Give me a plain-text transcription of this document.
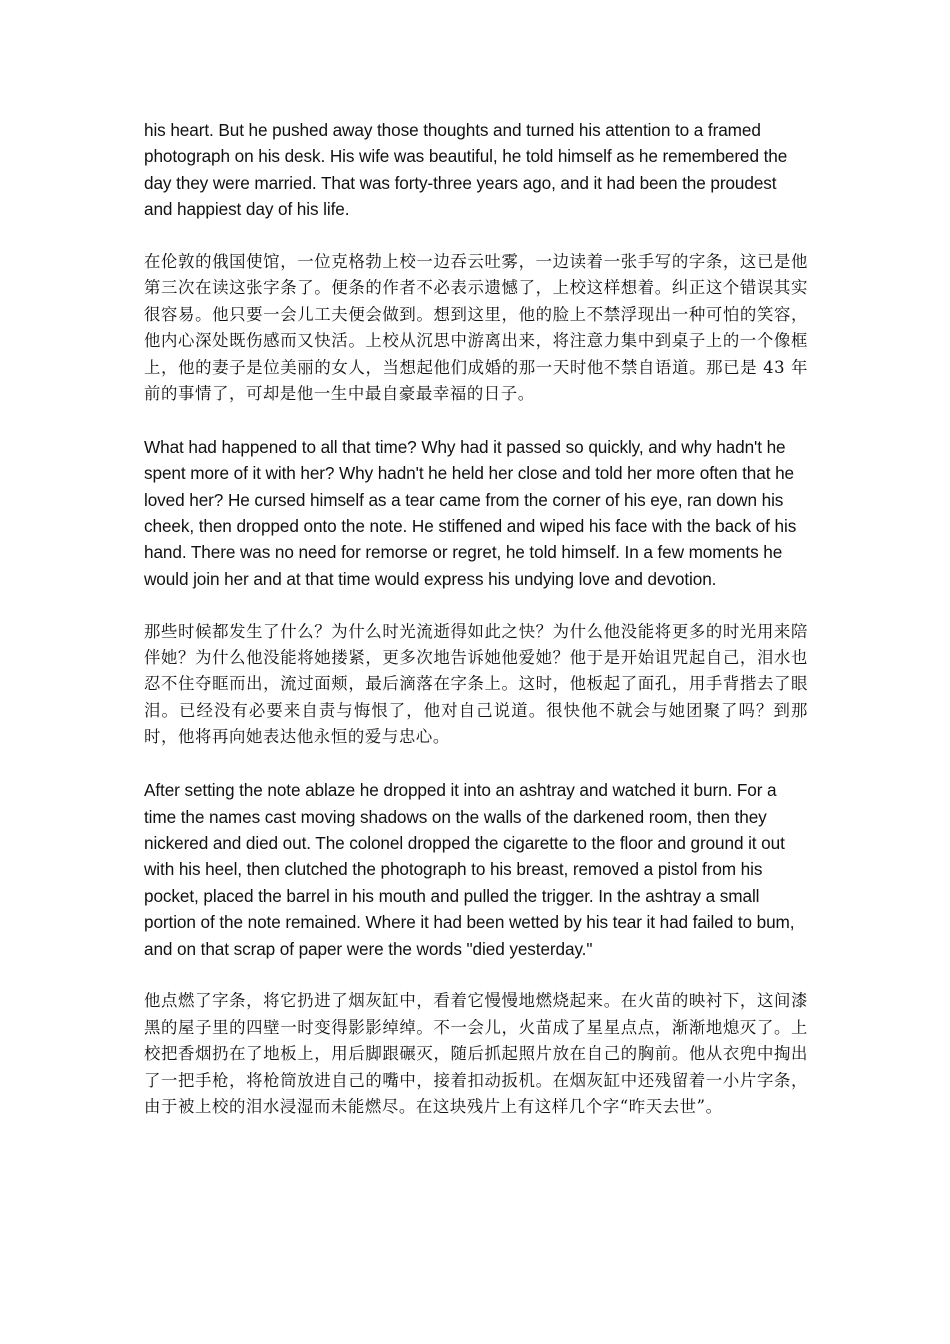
his heart. But he pushed away those thoughts and turned his attention to a framed photograph on his desk. His wife was beautiful, he told himself as he remembered the day they were married. That was forty-three years ago, and it had been the proudest and happiest day of his life.

在伦敦的俄国使馆，一位克格勃上校一边吞云吐雾，一边读着一张手写的字条，这已是他第三次在读这张字条了。便条的作者不必表示遗憾了，上校这样想着。纠正这个错误其实很容易。他只要一会儿工夫便会做到。想到这里，他的脸上不禁浮现出一种可怕的笑容，他内心深处既伤感而又快活。上校从沉思中游离出来，将注意力集中到桌子上的一个像框上，他的妻子是位美丽的女人，当想起他们成婚的那一天时他不禁自语道。那已是 43 年前的事情了，可却是他一生中最自豪最幸福的日子。

What had happened to all that time? Why had it passed so quickly, and why hadn't he spent more of it with her? Why hadn't he held her close and told her more often that he loved her? He cursed himself as a tear came from the corner of his eye, ran down his cheek, then dropped onto the note. He stiffened and wiped his face with the back of his hand. There was no need for remorse or regret, he told himself. In a few moments he would join her and at that time would express his undying love and devotion.

那些时候都发生了什么？为什么时光流逝得如此之快？为什么他没能将更多的时光用来陪伴她？为什么他没能将她搂紧，更多次地告诉她他爱她？他于是开始诅咒起自己，泪水也忍不住夺眶而出，流过面颊，最后滴落在字条上。这时，他板起了面孔，用手背揩去了眼泪。已经没有必要来自责与悔恨了，他对自己说道。很快他不就会与她团聚了吗？到那时，他将再向她表达他永恒的爱与忠心。

After setting the note ablaze he dropped it into an ashtray and watched it burn. For a time the names cast moving shadows on the walls of the darkened room, then they nickered and died out. The colonel dropped the cigarette to the floor and ground it out with his heel, then clutched the photograph to his breast, removed a pistol from his pocket, placed the barrel in his mouth and pulled the trigger. In the ashtray a small portion of the note remained. Where it had been wetted by his tear it had failed to bum, and on that scrap of paper were the words "died yesterday."

他点燃了字条，将它扔进了烟灰缸中，看着它慢慢地燃烧起来。在火苗的映衬下，这间漆黑的屋子里的四壁一时变得影影绰绰。不一会儿，火苗成了星星点点，渐渐地熄灭了。上校把香烟扔在了地板上，用后脚跟碾灭，随后抓起照片放在自己的胸前。他从衣兜中掏出了一把手枪，将枪筒放进自己的嘴中，接着扣动扳机。在烟灰缸中还残留着一小片字条，由于被上校的泪水浸湿而未能燃尽。在这块残片上有这样几个字“昨天去世”。
